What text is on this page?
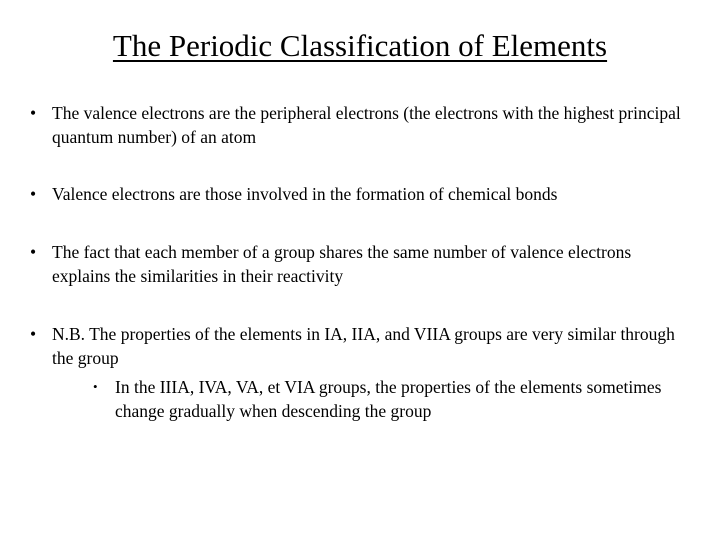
The Periodic Classification of Elements
• The valence electrons are the peripheral electrons (the electrons with the highest principal quantum number) of an atom
• Valence electrons are those involved in the formation of chemical bonds
• The fact that each member of a group shares the same number of valence electrons explains the similarities in their reactivity
• N.B. The properties of the elements in IA, IIA, and VIIA groups are very similar through the group
• In the IIIA, IVA, VA, et VIA groups, the properties of the elements sometimes change gradually when descending the group
